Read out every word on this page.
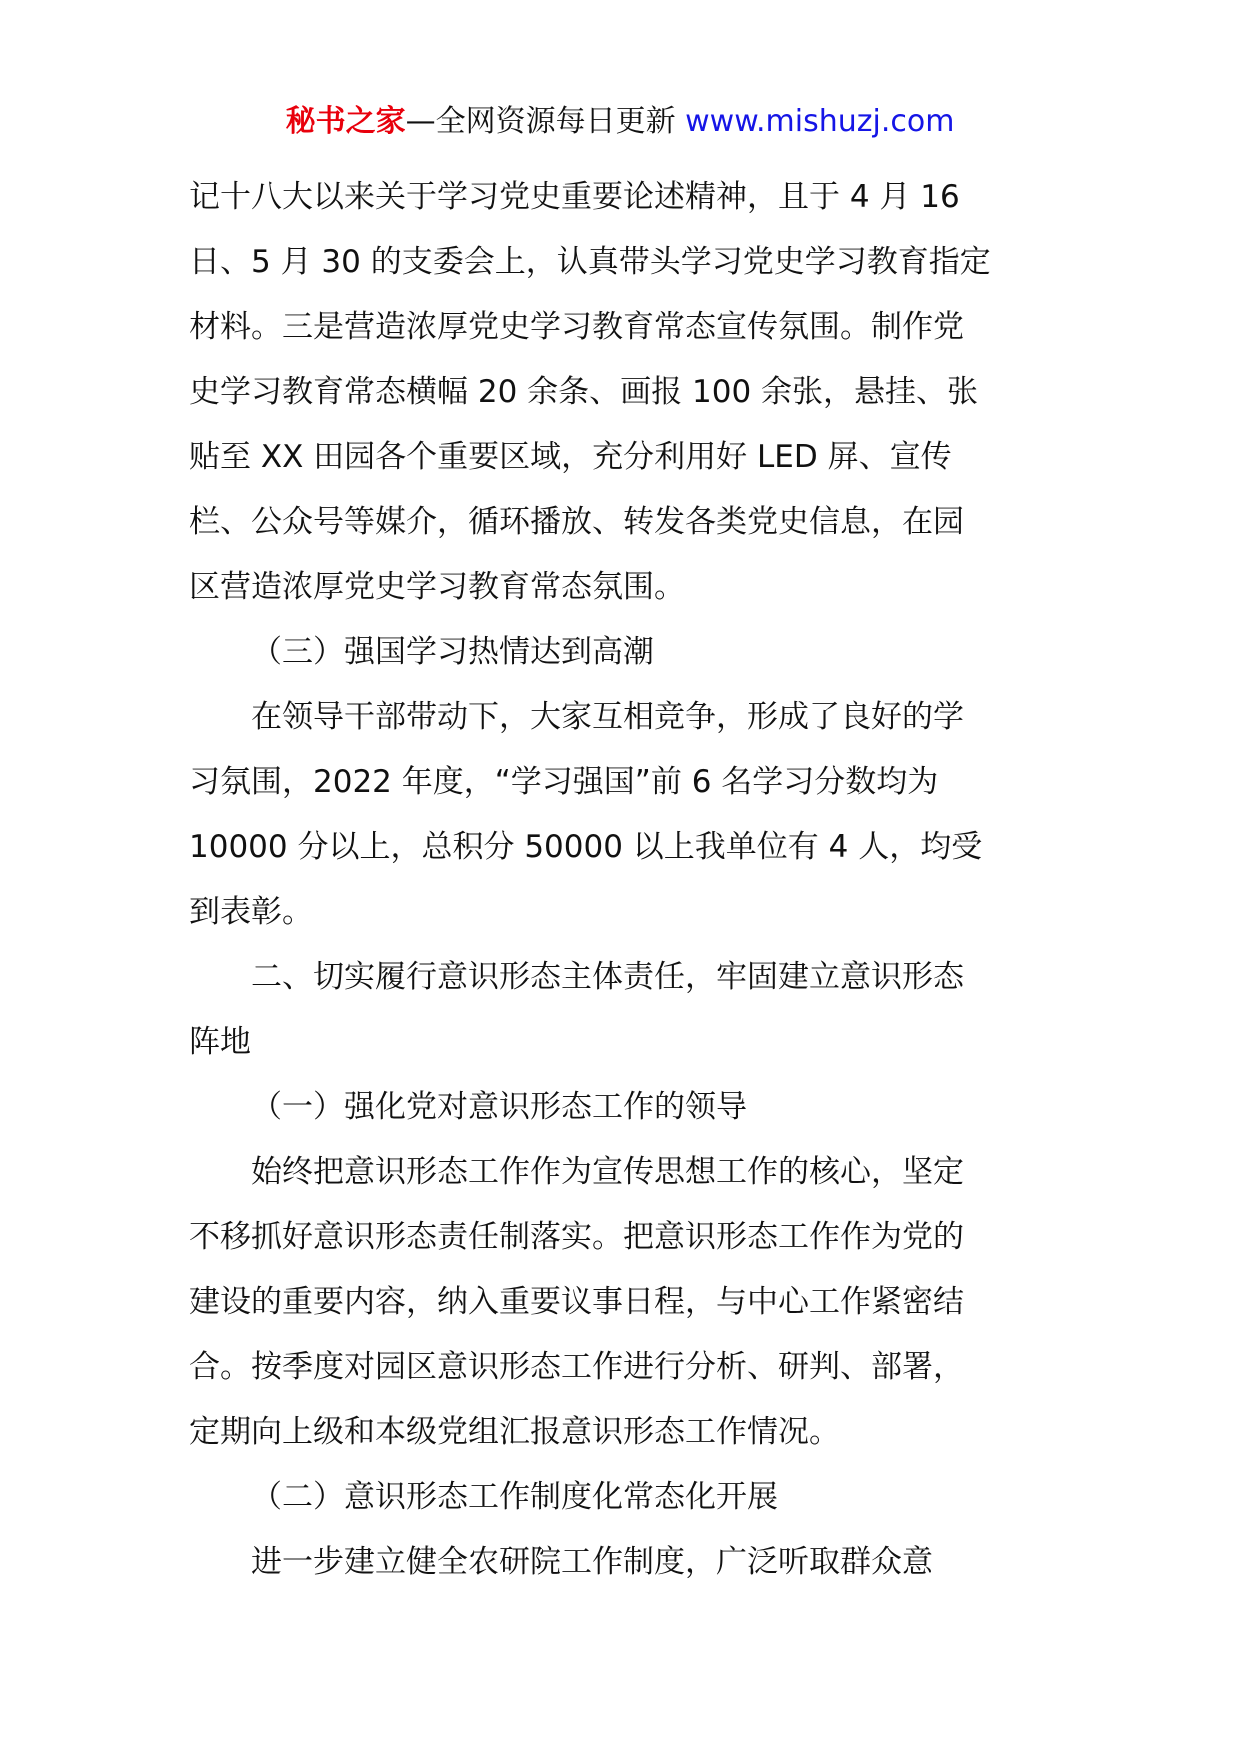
秘书之家—全网资源每日更新 www.mishuzj.com
记十八大以来关于学习党史重要论述精神，且于 4 月 16
日、5 月 30 的支委会上，认真带头学习党史学习教育指定
材料。三是营造浓厚党史学习教育常态宣传氛围。制作党
史学习教育常态横幅 20 余条、画报 100 余张，悬挂、张
贴至 XX 田园各个重要区域，充分利用好 LED 屏、宣传
栏、公众号等媒介，循环播放、转发各类党史信息，在园
区营造浓厚党史学习教育常态氛围。
（三）强国学习热情达到高潮
在领导干部带动下，大家互相竞争，形成了良好的学
习氛围，2022 年度，“学习强国”前 6 名学习分数均为
10000 分以上，总积分 50000 以上我单位有 4 人，均受
到表彰。
二、切实履行意识形态主体责任，牢固建立意识形态
阵地
（一）强化党对意识形态工作的领导
始终把意识形态工作作为宣传思想工作的核心，坚定
不移抓好意识形态责任制落实。把意识形态工作作为党的
建设的重要内容，纳入重要议事日程，与中心工作紧密结
合。按季度对园区意识形态工作进行分析、研判、部署，
定期向上级和本级党组汇报意识形态工作情况。
（二）意识形态工作制度化常态化开展
进一步建立健全农研院工作制度，广泛听取群众意
